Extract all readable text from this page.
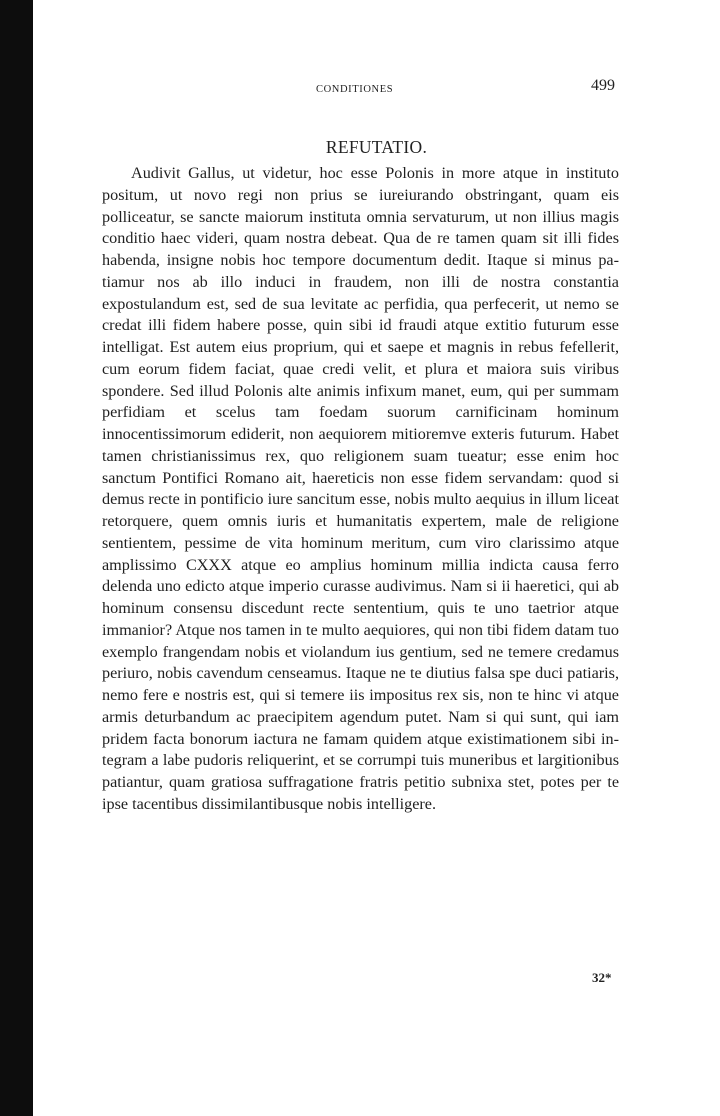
CONDITIONES	499
REFUTATIO.

Audivit Gallus, ut videtur, hoc esse Polonis in more atque in instituto positum, ut novo regi non prius se iureiurando obstringant, quam eis polliceatur, se sancte maiorum instituta omnia servaturum, ut non illius magis conditio haec videri, quam nostra debeat. Qua de re tamen quam sit illi fides habenda, insigne nobis hoc tempore documentum dedit. Itaque si minus patiamur nos ab illo induci in fraudem, non illi de nostra constantia expostulandum est, sed de sua levitate ac perfidia, qua perfecerit, ut nemo se credat illi fidem habere posse, quin sibi id fraudi atque extitio futurum esse intelligat. Est autem eius proprium, qui et saepe et magnis in rebus fefellerit, cum eorum fidem faciat, quae credi velit, et plura et maiora suis viribus spondere. Sed illud Polonis alte animis infixum manet, eum, qui per summam perfidiam et scelus tam foedam suorum carnificinam hominum innocentissimorum ediderit, non aequiorem mitioremve exteris futurum. Habet tamen christianissimus rex, quo religionem suam tueatur; esse enim hoc sanctum Pontifici Romano ait, haereticis non esse fidem servandam: quod si demus recte in pontificio iure sancitum esse, nobis multo aequius in illum liceat retorquere, quem omnis iuris et humanitatis expertem, male de religione sentientem, pessime de vita hominum meritum, cum viro clarissimo atque amplissimo CXXX atque eo amplius hominum millia indicta causa ferro delenda uno edicto atque imperio curasse audivimus. Nam si ii haeretici, qui ab hominum consensu discedunt recte sententium, quis te uno taetrior atque immanior? Atque nos tamen in te multo aequiores, qui non tibi fidem datam tuo exemplo frangendam nobis et violandum ius gentium, sed ne temere credamus periuro, nobis cavendum censeamus. Itaque ne te diutius falsa spe duci patiaris, nemo fere e nostris est, qui si temere iis impositus rex sis, non te hinc vi atque armis deturbandum ac praecipitem agendum putet. Nam si qui sunt, qui iam pridem facta bonorum iactura ne famam quidem atque existimationem sibi integram a labe pudoris reliquerint, et se corrumpi tuis muneribus et largitionibus patiantur, quam gratiosa suffragatione fratris petitio subnixa stet, potes per te ipse tacentibus dissimilantibusque nobis intelligere.

32*
